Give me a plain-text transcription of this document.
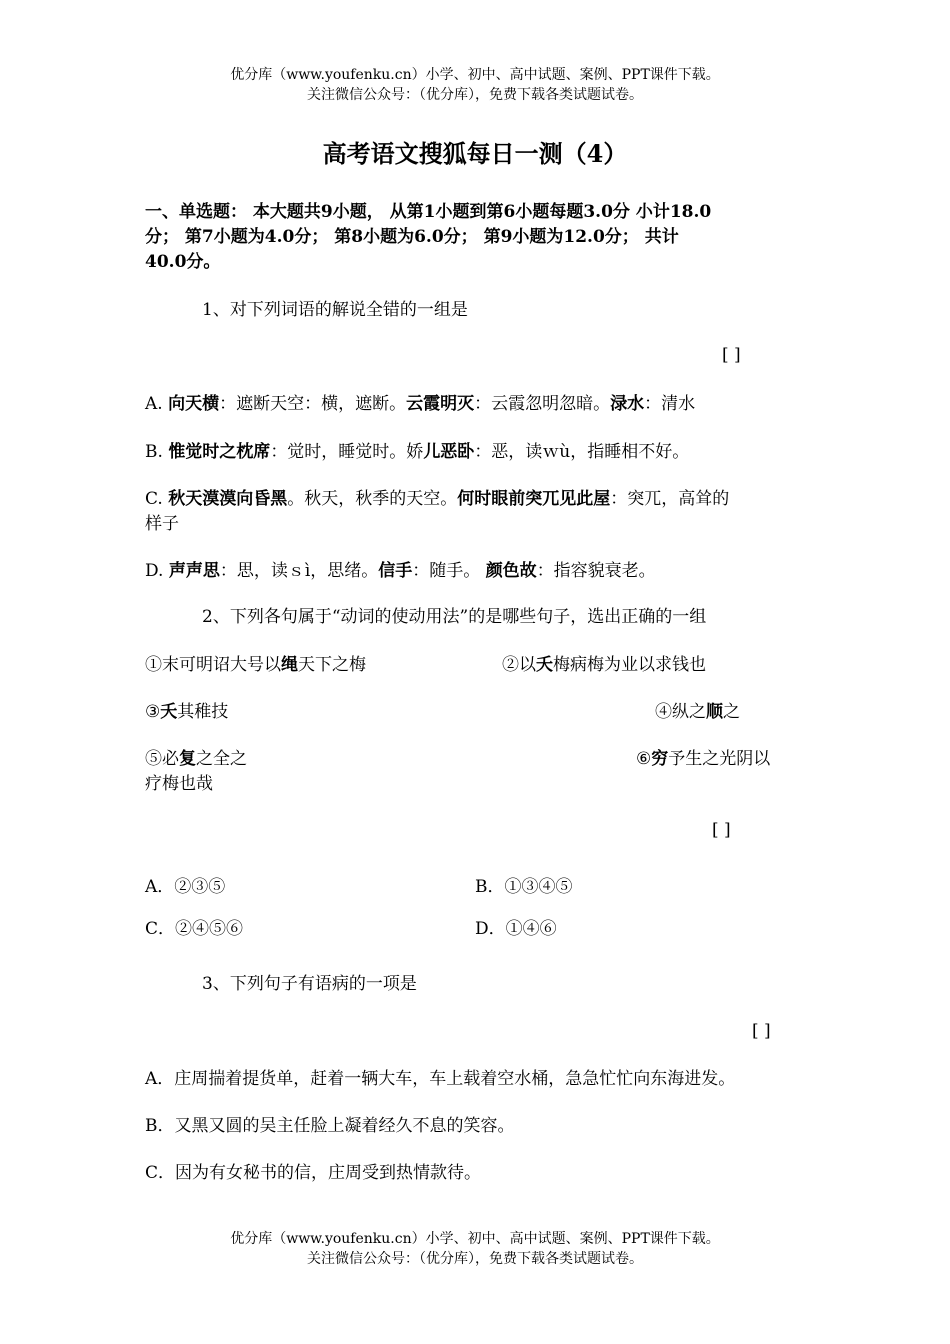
优分库（www.youfenku.cn）小学、初中、高中试题、案例、PPT课件下载。
关注微信公众号：（优分库），免费下载各类试题试卷。
高考语文搜狐每日一测（4）
一、单选题： 本大题共9小题， 从第1小题到第6小题每题3.0分 小计18.0
分； 第7小题为4.0分； 第8小题为6.0分； 第9小题为12.0分； 共计
40.0分。
1、对下列词语的解说全错的一组是
[ ]
A. 向天横：遮断天空：横，遮断。云霞明灭：云霞忽明忽暗。渌水：清水
B. 惟觉时之枕席：觉时，睡觉时。娇儿恶卧：恶，读ｗù，指睡相不好。
C. 秋天漠漠向昏黑。秋天，秋季的天空。何时眼前突兀见此屋：突兀，高耸的
样子
D. 声声思：思，读ｓì，思绪。信手：随手。 颜色故：指容貌衰老。
2、下列各句属于“动词的使动用法”的是哪些句子，选出正确的一组
①末可明诏大号以绳天下之梅	②以夭梅病梅为业以求钱也
③夭其稚技	④纵之顺之
⑤必复之全之	⑥穷予生之光阴以
疗梅也哉
[ ]
A．②③⑤	B．①③④⑤
C．②④⑤⑥	D．①④⑥
3、下列句子有语病的一项是
[ ]
A．庄周揣着提货单，赶着一辆大车，车上载着空水桶，急急忙忙向东海进发。
B．又黑又圆的吴主任脸上凝着经久不息的笑容。
C．因为有女秘书的信，庄周受到热情款待。
优分库（www.youfenku.cn）小学、初中、高中试题、案例、PPT课件下载。
关注微信公众号：（优分库），免费下载各类试题试卷。
